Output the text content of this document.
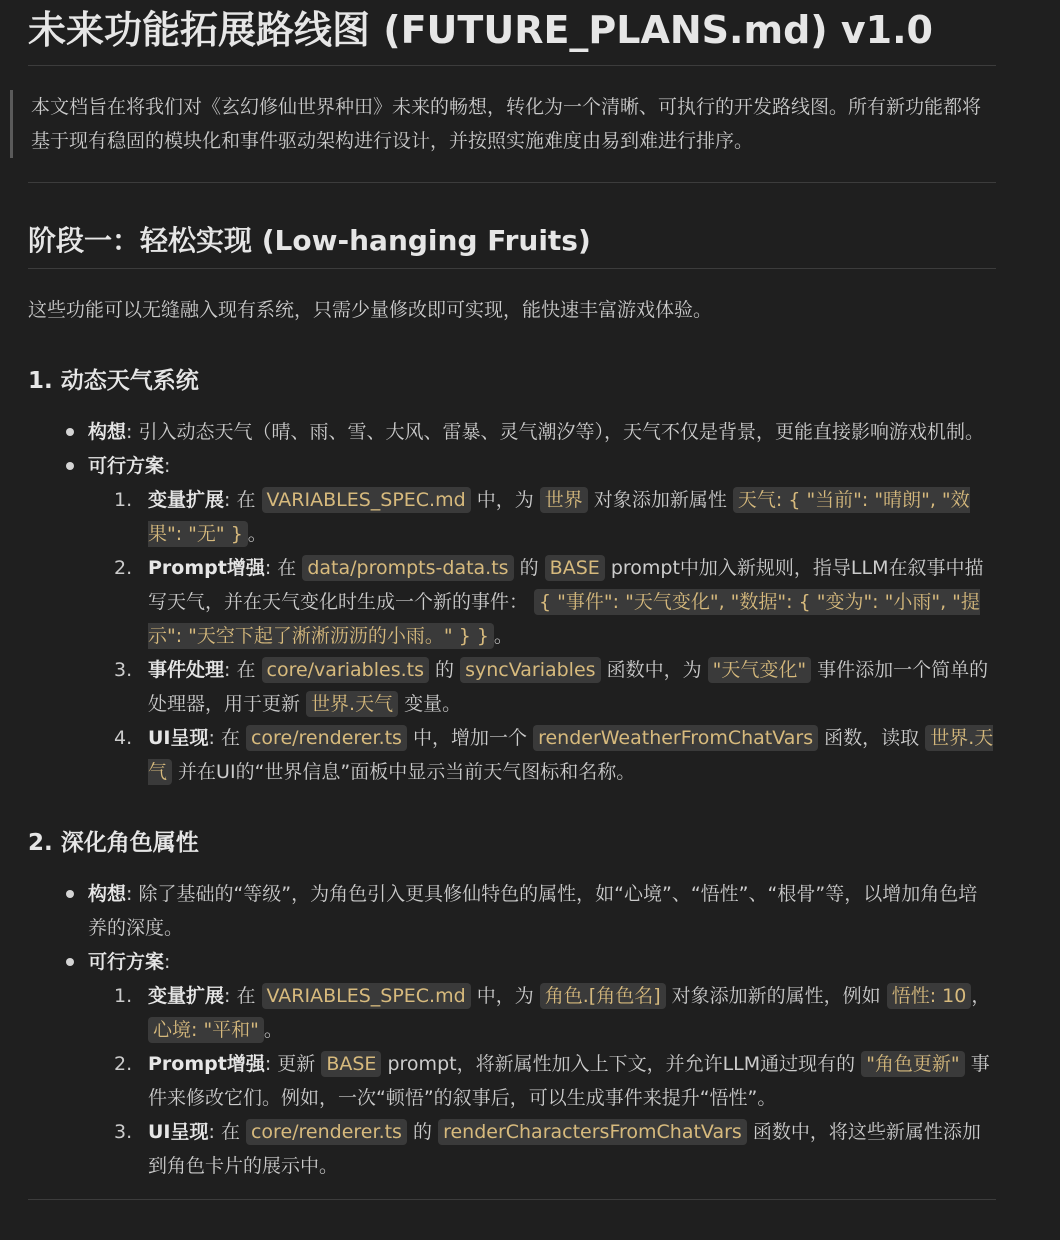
未来功能拓展路线图 (FUTURE_PLANS.md) v1.0

本文档旨在将我们对《玄幻修仙世界种田》未来的畅想，转化为一个清晰、可执行的开发路线图。所有新功能都将基于现有稳固的模块化和事件驱动架构进行设计，并按照实施难度由易到难进行排序。

阶段一：轻松实现 (Low-hanging Fruits)

这些功能可以无缝融入现有系统，只需少量修改即可实现，能快速丰富游戏体验。

1. 动态天气系统
构想: 引入动态天气（晴、雨、雪、大风、雷暴、灵气潮汐等），天气不仅是背景，更能直接影响游戏机制。
可行方案:
1. 变量扩展: 在 VARIABLES_SPEC.md 中，为 世界 对象添加新属性 天气: { "当前": "晴朗", "效果": "无" } 。
2. Prompt增强: 在 data/prompts-data.ts 的 BASE prompt中加入新规则，指导LLM在叙事中描写天气，并在天气变化时生成一个新的事件： { "事件": "天气变化", "数据": { "变为": "小雨", "提示": "天空下起了淅淅沥沥的小雨。" } } 。
3. 事件处理: 在 core/variables.ts 的 syncVariables 函数中，为 "天气变化" 事件添加一个简单的处理器，用于更新 世界.天气 变量。
4. UI呈现: 在 core/renderer.ts 中，增加一个 renderWeatherFromChatVars 函数，读取 世界.天气 并在UI的“世界信息”面板中显示当前天气图标和名称。
2. 深化角色属性
构想: 除了基础的“等级”，为角色引入更具修仙特色的属性，如“心境”、“悟性”、“根骨”等，以增加角色培养的深度。
可行方案:
1. 变量扩展: 在 VARIABLES_SPEC.md 中，为 角色.[角色名] 对象添加新的属性，例如 悟性: 10 ， 心境: "平和" 。
2. Prompt增强: 更新 BASE prompt，将新属性加入上下文，并允许LLM通过现有的 "角色更新" 事件来修改它们。例如，一次“顿悟”的叙事后，可以生成事件来提升“悟性”。
3. UI呈现: 在 core/renderer.ts 的 renderCharactersFromChatVars 函数中，将这些新属性添加到角色卡片的展示中。
